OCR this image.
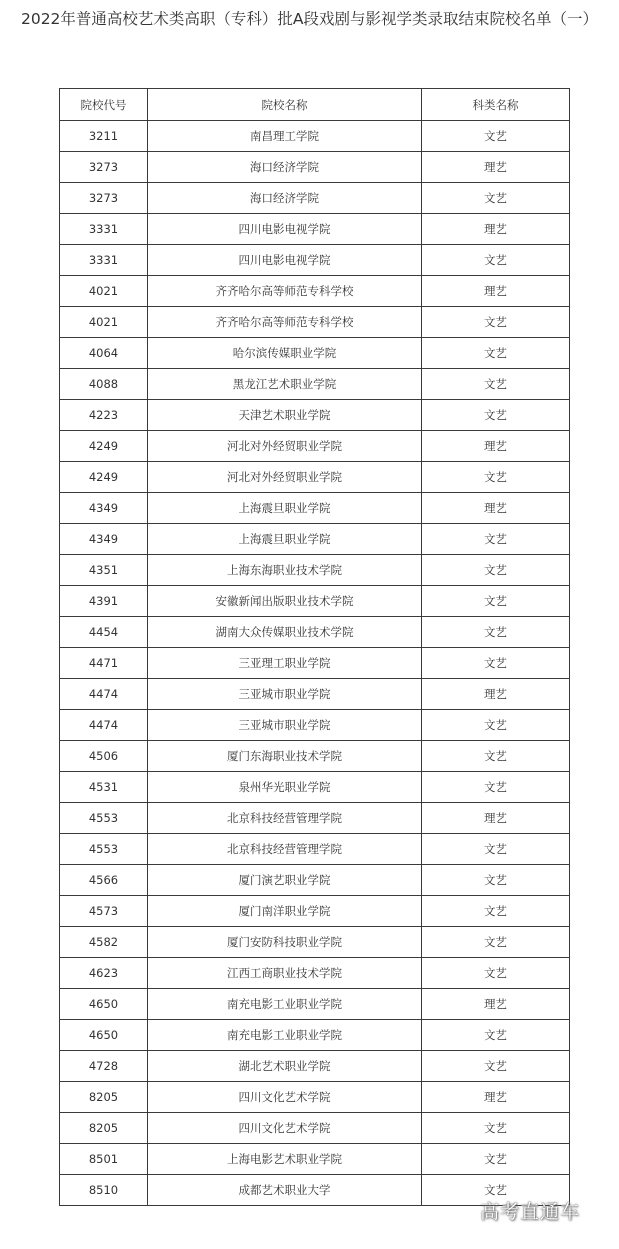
2022年普通高校艺术类高职（专科）批A段戏剧与影视学类录取结束院校名单（一）
院校代号	院校名称	科类名称
3211	南昌理工学院	文艺
3273	海口经济学院	理艺
3273	海口经济学院	文艺
3331	四川电影电视学院	理艺
3331	四川电影电视学院	文艺
4021	齐齐哈尔高等师范专科学校	理艺
4021	齐齐哈尔高等师范专科学校	文艺
4064	哈尔滨传媒职业学院	文艺
4088	黑龙江艺术职业学院	文艺
4223	天津艺术职业学院	文艺
4249	河北对外经贸职业学院	理艺
4249	河北对外经贸职业学院	文艺
4349	上海震旦职业学院	理艺
4349	上海震旦职业学院	文艺
4351	上海东海职业技术学院	文艺
4391	安徽新闻出版职业技术学院	文艺
4454	湖南大众传媒职业技术学院	文艺
4471	三亚理工职业学院	文艺
4474	三亚城市职业学院	理艺
4474	三亚城市职业学院	文艺
4506	厦门东海职业技术学院	文艺
4531	泉州华光职业学院	文艺
4553	北京科技经营管理学院	理艺
4553	北京科技经营管理学院	文艺
4566	厦门演艺职业学院	文艺
4573	厦门南洋职业学院	文艺
4582	厦门安防科技职业学院	文艺
4623	江西工商职业技术学院	文艺
4650	南充电影工业职业学院	理艺
4650	南充电影工业职业学院	文艺
4728	湖北艺术职业学院	文艺
8205	四川文化艺术学院	理艺
8205	四川文化艺术学院	文艺
8501	上海电影艺术职业学院	文艺
8510	成都艺术职业大学	文艺
高考直通车
